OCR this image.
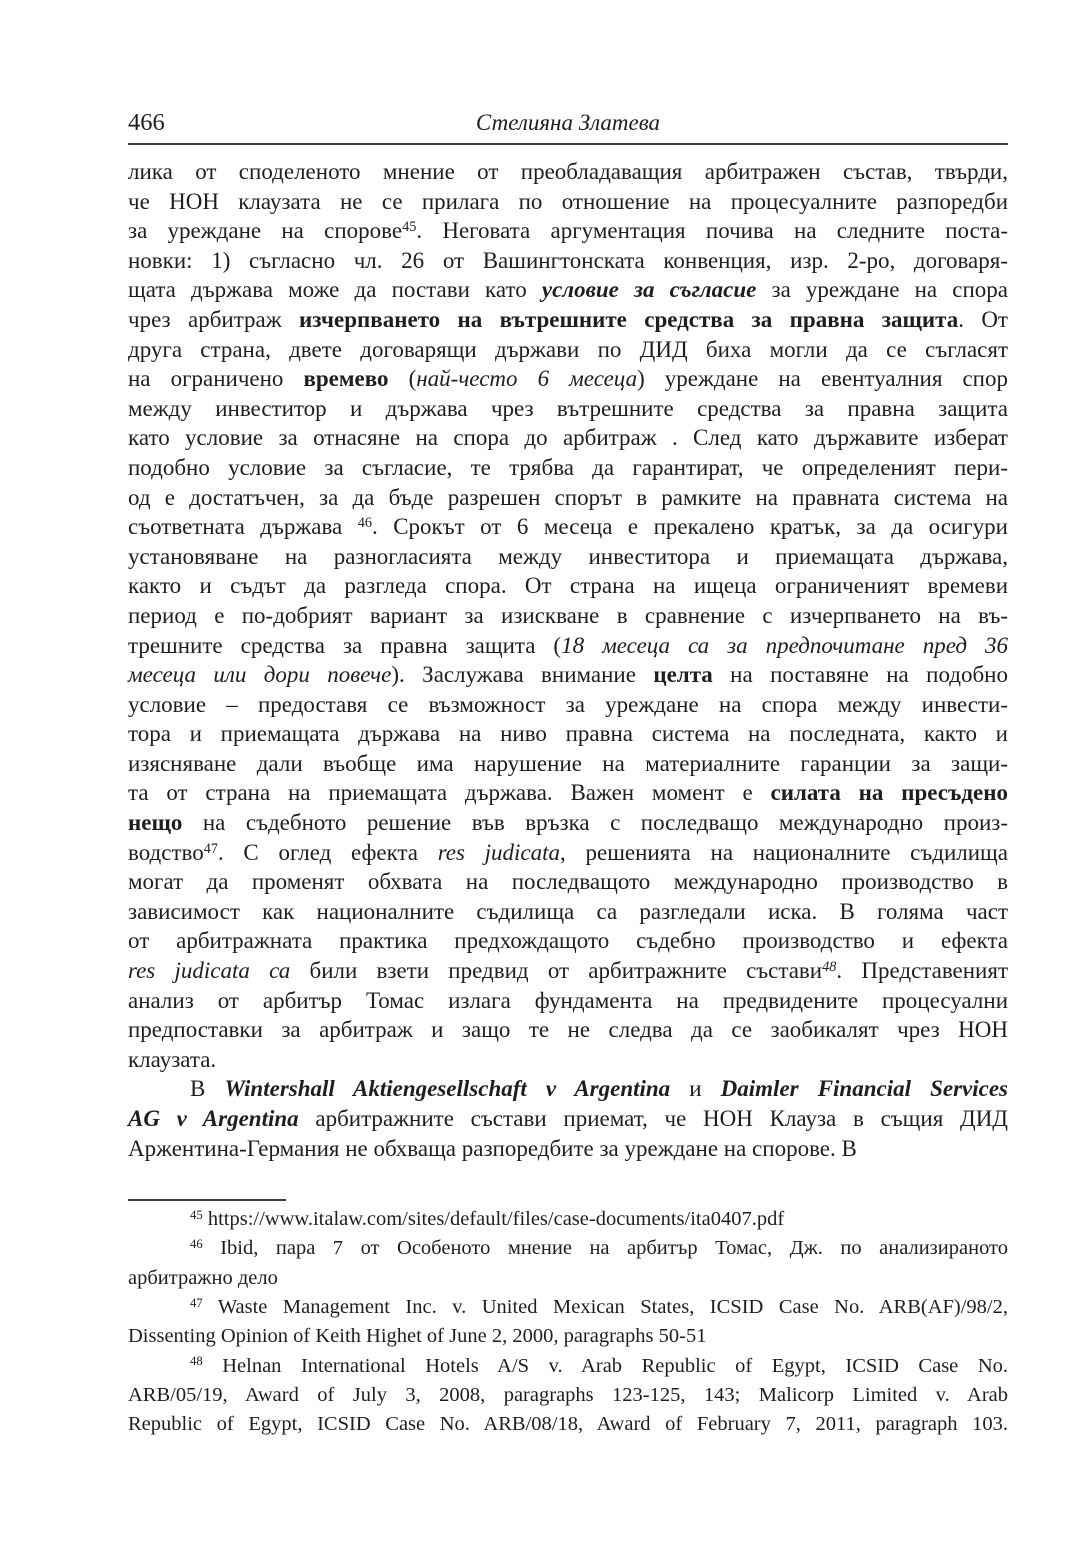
466	Стелияна Златева
лика от споделеното мнение от преобладаващия арбитражен състав, твърди,
че НОН клаузата не се прилага по отношение на процесуалните разпоредби
за уреждане на спорове$^{45}$. Неговата аргументация почива на следните поста-
новки: 1) съгласно чл. 26 от Вашингтонската конвенция, изр. 2-ро, договаря-
щата държава може да постави като условие за съгласие за уреждане на спора
чрез арбитраж изчерпването на вътрешните средства за правна защита. От
друга страна, двете договарящи държави по ДИД биха могли да се съгласят
на ограничено времево (най-често 6 месеца) уреждане на евентуалния спор
между инвеститор и държава чрез вътрешните средства за правна защита
като условие за отнасяне на спора до арбитраж . След като държавите изберат
подобно условие за съгласие, те трябва да гарантират, че определеният пери-
од е достатъчен, за да бъде разрешен спорът в рамките на правната система на
съответната държава $^{46}$. Срокът от 6 месеца е прекалено кратък, за да осигури
установяване на разногласията между инвеститора и приемащата държава,
както и съдът да разгледа спора. От страна на ищеца ограниченият времеви
период е по-добрият вариант за изискване в сравнение с изчерпването на въ-
трешните средства за правна защита (18 месеца са за предпочитане пред 36
месеца или дори повече). Заслужава внимание целта на поставяне на подобно
условие – предоставя се възможност за уреждане на спора между инвести-
тора и приемащата държава на ниво правна система на последната, както и
изясняване дали въобще има нарушение на материалните гаранции за защи-
та от страна на приемащата държава. Важен момент е силата на пресъдено
нещо на съдебното решение във връзка с последващо международно произ-
водство$^{47}$. С оглед ефекта res judicata, решенията на националните съдилища
могат да променят обхвата на последващото международно производство в
зависимост как националните съдилища са разгледали иска. В голяма част
от арбитражната практика предхождащото съдебно производство и ефекта
res judicata са били взети предвид от арбитражните състави$^{48}$. Представеният
анализ от арбитър Томас излага фундамента на предвидените процесуални
предпоставки за арбитраж и защо те не следва да се заобикалят чрез НОН
клаузата.
В Wintershall Aktiengesellschaft v Argentina и Daimler Financial Services
AG v Argentina арбитражните състави приемат, че НОН Клауза в същия ДИД
Аржентина-Германия не обхваща разпоредбите за уреждане на спорове. В
$^{45}$ https://www.italaw.com/sites/default/files/case-documents/ita0407.pdf
$^{46}$ Ibid, пара 7 от Особеното мнение на арбитър Томас, Дж. по анализираното
арбитражно дело
$^{47}$ Waste Management Inc. v. United Mexican States, ICSID Case No. ARB(AF)/98/2,
Dissenting Opinion of Keith Highet of June 2, 2000, paragraphs 50-51
$^{48}$ Helnan International Hotels A/S v. Arab Republic of Egypt, ICSID Case No.
ARB/05/19, Award of July 3, 2008, paragraphs 123-125, 143; Malicorp Limited v. Arab
Republic of Egypt, ICSID Case No. ARB/08/18, Award of February 7, 2011, paragraph 103.
